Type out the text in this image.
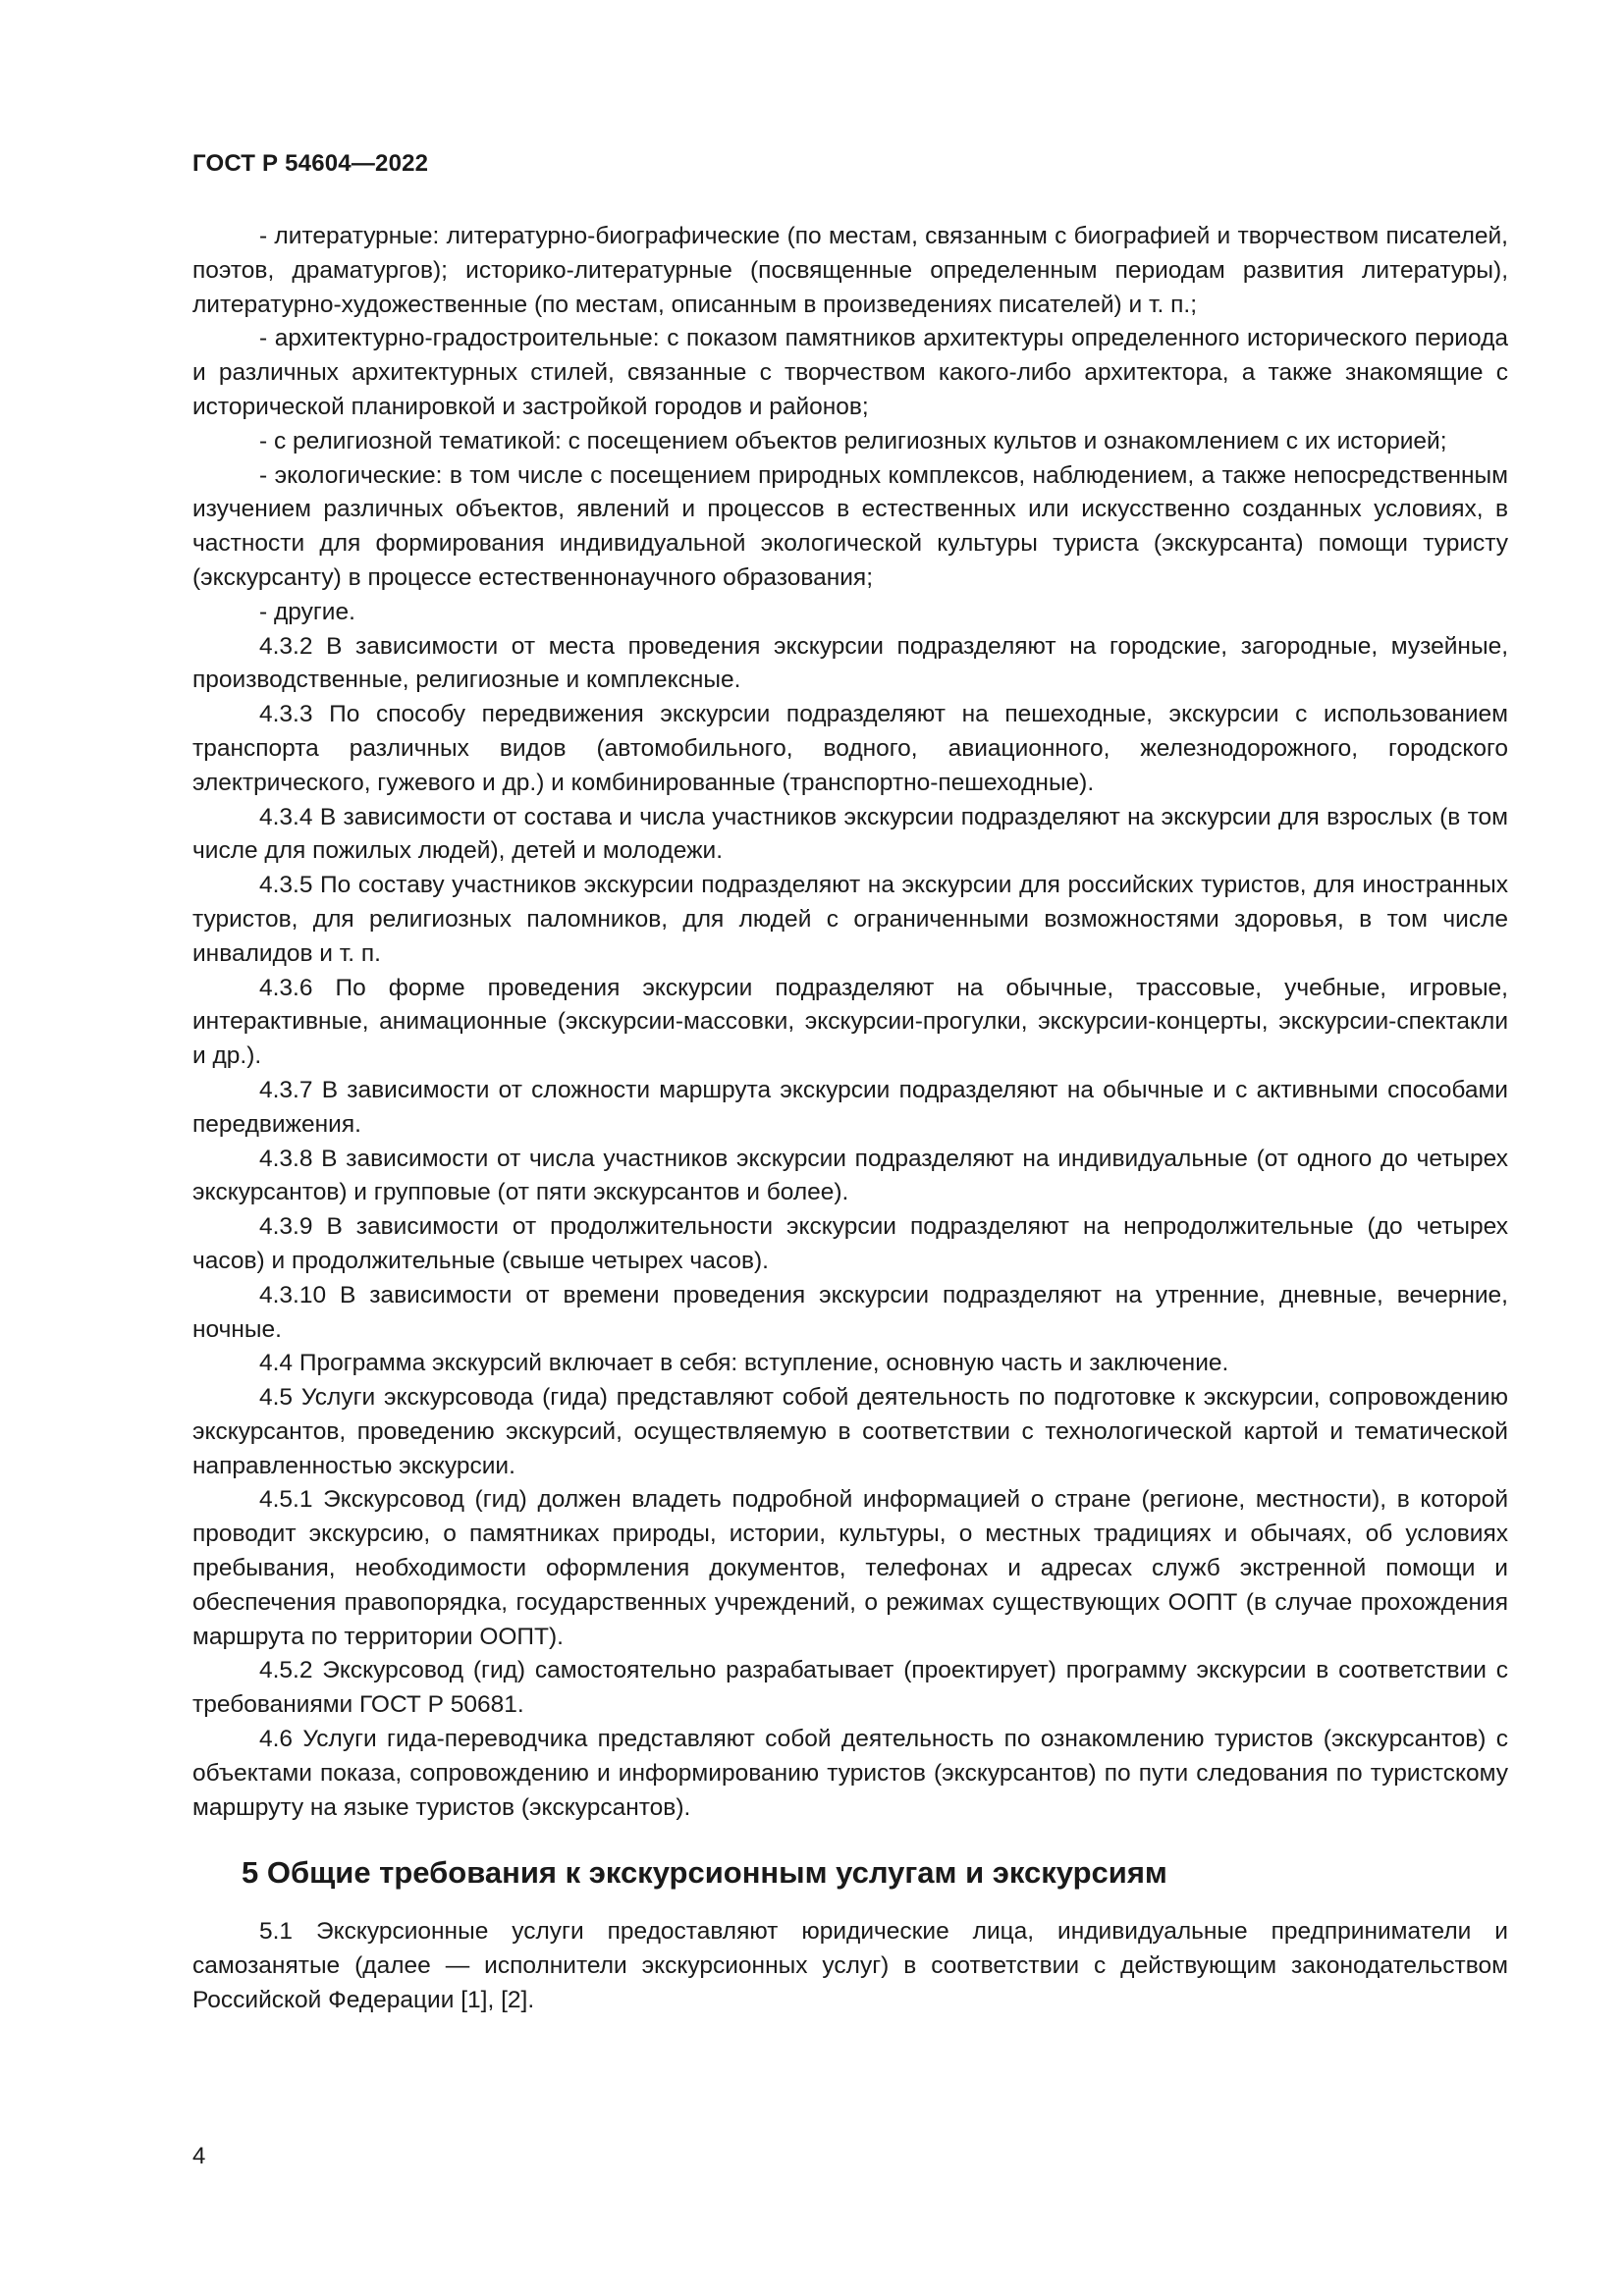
ГОСТ Р 54604—2022

- литературные: литературно-биографические (по местам, связанным с биографией и творчеством писателей, поэтов, драматургов); историко-литературные (посвященные определенным периодам развития литературы), литературно-художественные (по местам, описанным в произведениях писателей) и т. п.;

- архитектурно-градостроительные: с показом памятников архитектуры определенного исторического периода и различных архитектурных стилей, связанные с творчеством какого-либо архитектора, а также знакомящие с исторической планировкой и застройкой городов и районов;

- с религиозной тематикой: с посещением объектов религиозных культов и ознакомлением с их историей;

- экологические: в том числе с посещением природных комплексов, наблюдением, а также непосредственным изучением различных объектов, явлений и процессов в естественных или искусственно созданных условиях, в частности для формирования индивидуальной экологической культуры туриста (экскурсанта) помощи туристу (экскурсанту) в процессе естественнонаучного образования;

- другие.

4.3.2 В зависимости от места проведения экскурсии подразделяют на городские, загородные, музейные, производственные, религиозные и комплексные.

4.3.3 По способу передвижения экскурсии подразделяют на пешеходные, экскурсии с использованием транспорта различных видов (автомобильного, водного, авиационного, железнодорожного, городского электрического, гужевого и др.) и комбинированные (транспортно-пешеходные).

4.3.4 В зависимости от состава и числа участников экскурсии подразделяют на экскурсии для взрослых (в том числе для пожилых людей), детей и молодежи.

4.3.5 По составу участников экскурсии подразделяют на экскурсии для российских туристов, для иностранных туристов, для религиозных паломников, для людей с ограниченными возможностями здоровья, в том числе инвалидов и т. п.

4.3.6 По форме проведения экскурсии подразделяют на обычные, трассовые, учебные, игровые, интерактивные, анимационные (экскурсии-массовки, экскурсии-прогулки, экскурсии-концерты, экскурсии-спектакли и др.).

4.3.7 В зависимости от сложности маршрута экскурсии подразделяют на обычные и с активными способами передвижения.

4.3.8 В зависимости от числа участников экскурсии подразделяют на индивидуальные (от одного до четырех экскурсантов) и групповые (от пяти экскурсантов и более).

4.3.9 В зависимости от продолжительности экскурсии подразделяют на непродолжительные (до четырех часов) и продолжительные (свыше четырех часов).

4.3.10 В зависимости от времени проведения экскурсии подразделяют на утренние, дневные, вечерние, ночные.

4.4 Программа экскурсий включает в себя: вступление, основную часть и заключение.

4.5 Услуги экскурсовода (гида) представляют собой деятельность по подготовке к экскурсии, сопровождению экскурсантов, проведению экскурсий, осуществляемую в соответствии с технологической картой и тематической направленностью экскурсии.

4.5.1 Экскурсовод (гид) должен владеть подробной информацией о стране (регионе, местности), в которой проводит экскурсию, о памятниках природы, истории, культуры, о местных традициях и обычаях, об условиях пребывания, необходимости оформления документов, телефонах и адресах служб экстренной помощи и обеспечения правопорядка, государственных учреждений, о режимах существующих ООПТ (в случае прохождения маршрута по территории ООПТ).

4.5.2 Экскурсовод (гид) самостоятельно разрабатывает (проектирует) программу экскурсии в соответствии с требованиями ГОСТ Р 50681.

4.6 Услуги гида-переводчика представляют собой деятельность по ознакомлению туристов (экскурсантов) с объектами показа, сопровождению и информированию туристов (экскурсантов) по пути следования по туристскому маршруту на языке туристов (экскурсантов).

5 Общие требования к экскурсионным услугам и экскурсиям

5.1 Экскурсионные услуги предоставляют юридические лица, индивидуальные предприниматели и самозанятые (далее — исполнители экскурсионных услуг) в соответствии с действующим законодательством Российской Федерации [1], [2].

4
